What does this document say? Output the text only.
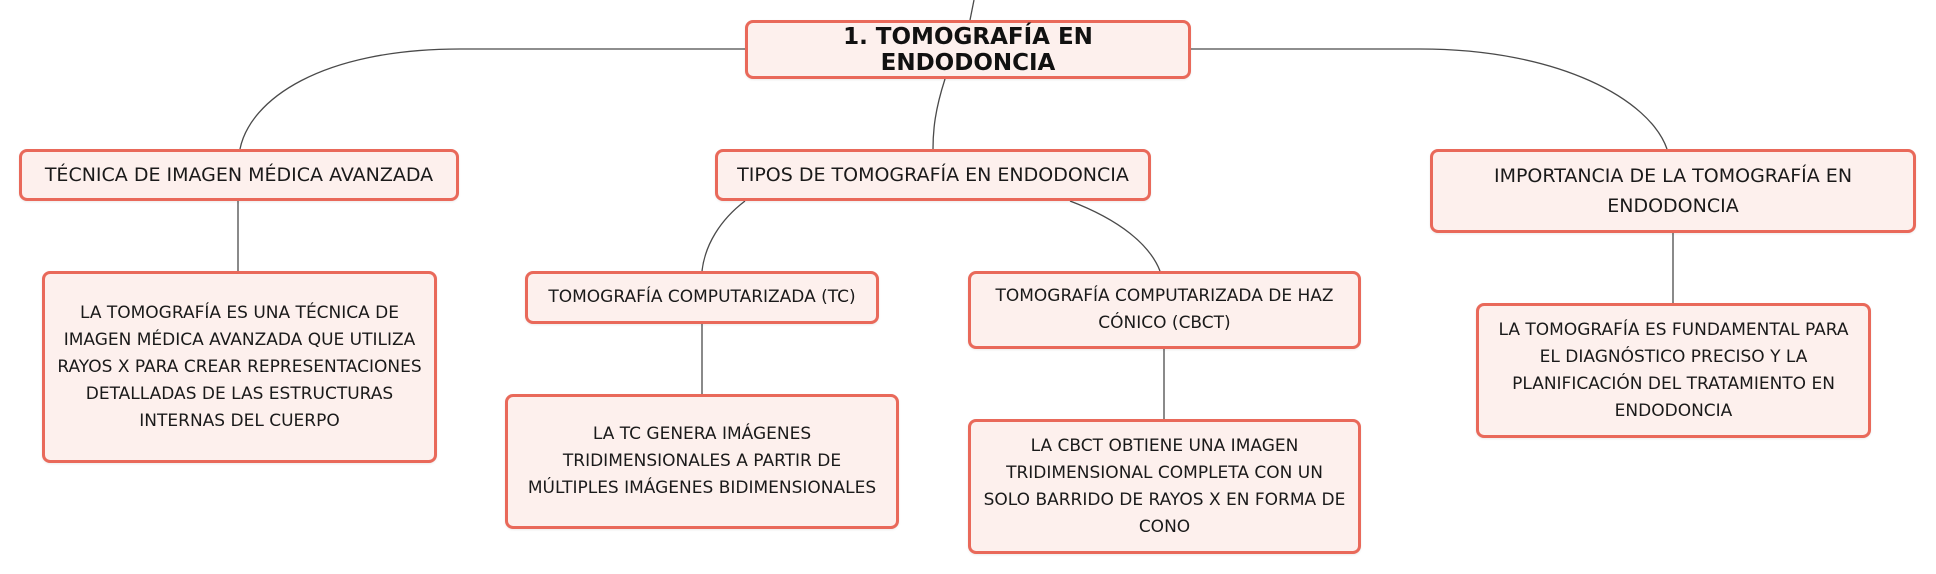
1. TOMOGRAFÍA EN ENDODONCIA
TÉCNICA DE IMAGEN MÉDICA AVANZADA	TIPOS DE TOMOGRAFÍA EN ENDODONCIA	IMPORTANCIA DE LA TOMOGRAFÍA EN ENDODONCIA
LA TOMOGRAFÍA ES UNA TÉCNICA DE IMAGEN MÉDICA AVANZADA QUE UTILIZA RAYOS X PARA CREAR REPRESENTACIONES DETALLADAS DE LAS ESTRUCTURAS INTERNAS DEL CUERPO
TOMOGRAFÍA COMPUTARIZADA (TC)	TOMOGRAFÍA COMPUTARIZADA DE HAZ CÓNICO (CBCT)
LA TC GENERA IMÁGENES TRIDIMENSIONALES A PARTIR DE MÚLTIPLES IMÁGENES BIDIMENSIONALES
LA CBCT OBTIENE UNA IMAGEN TRIDIMENSIONAL COMPLETA CON UN SOLO BARRIDO DE RAYOS X EN FORMA DE CONO
LA TOMOGRAFÍA ES FUNDAMENTAL PARA EL DIAGNÓSTICO PRECISO Y LA PLANIFICACIÓN DEL TRATAMIENTO EN ENDODONCIA
